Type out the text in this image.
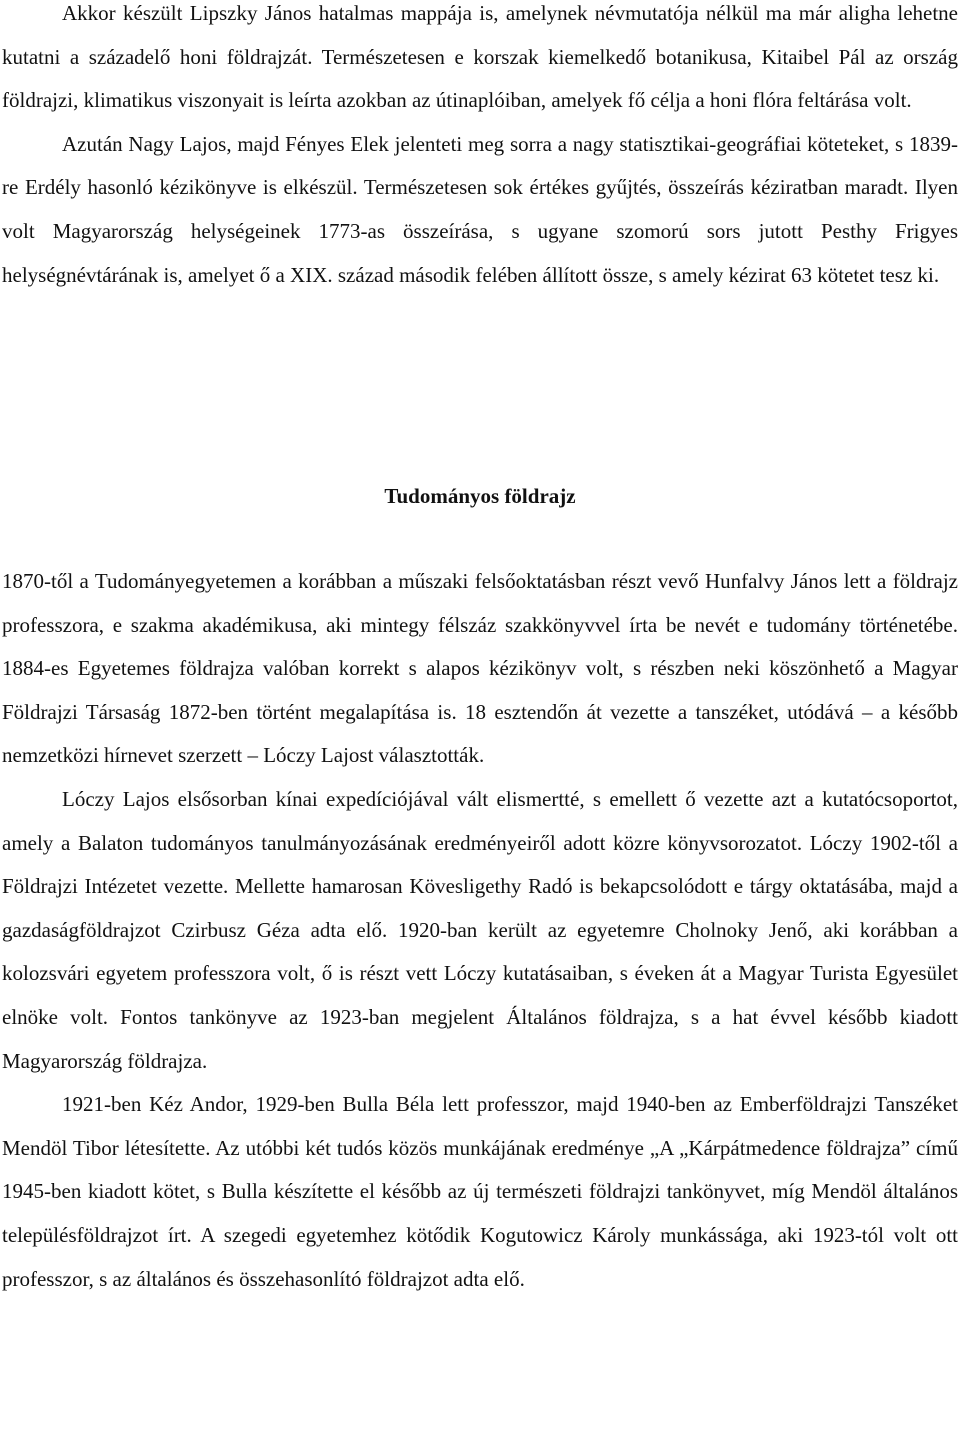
Akkor készült Lipszky János hatalmas mappája is, amelynek névmutatója nélkül ma már aligha lehetne kutatni a századelő honi földrajzát. Természetesen e korszak kiemelkedő botanikusa, Kitaibel Pál az ország földrajzi, klimatikus viszonyait is leírta azokban az útinaplóiban, amelyek fő célja a honi flóra feltárása volt.

Azután Nagy Lajos, majd Fényes Elek jelenteti meg sorra a nagy statisztikai-geográfiai köteteket, s 1839-re Erdély hasonló kézikönyve is elkészül. Természetesen sok értékes gyűjtés, összeírás kéziratban maradt. Ilyen volt Magyarország helységeinek 1773-as összeírása, s ugyane szomorú sors jutott Pesthy Frigyes helységnévtárának is, amelyet ő a XIX. század második felében állított össze, s amely kézirat 63 kötetet tesz ki.

Tudományos földrajz

1870-től a Tudományegyetemen a korábban a műszaki felsőoktatásban részt vevő Hunfalvy János lett a földrajz professzora, e szakma akadémikusa, aki mintegy félszáz szakkönyvvel írta be nevét e tudomány történetébe. 1884-es Egyetemes földrajza valóban korrekt s alapos kézikönyv volt, s részben neki köszönhető a Magyar Földrajzi Társaság 1872-ben történt megalapítása is. 18 esztendőn át vezette a tanszéket, utódává – a később nemzetközi hírnevet szerzett – Lóczy Lajost választották.

Lóczy Lajos elsősorban kínai expedíciójával vált elismertté, s emellett ő vezette azt a kutatócsoportot, amely a Balaton tudományos tanulmányozásának eredményeiről adott közre könyvsorozatot. Lóczy 1902-től a Földrajzi Intézetet vezette. Mellette hamarosan Kövesligethy Radó is bekapcsolódott e tárgy oktatásába, majd a gazdaságföldrajzot Czirbusz Géza adta elő. 1920-ban került az egyetemre Cholnoky Jenő, aki korábban a kolozsvári egyetem professzora volt, ő is részt vett Lóczy kutatásaiban, s éveken át a Magyar Turista Egyesület elnöke volt. Fontos tankönyve az 1923-ban megjelent Általános földrajza, s a hat évvel később kiadott Magyarország földrajza.

1921-ben Kéz Andor, 1929-ben Bulla Béla lett professzor, majd 1940-ben az Emberföldrajzi Tanszéket Mendöl Tibor létesítette. Az utóbbi két tudós közös munkájának eredménye „A „Kárpátmedence földrajza” című 1945-ben kiadott kötet, s Bulla készítette el később az új természeti földrajzi tankönyvet, míg Mendöl általános településföldrajzot írt. A szegedi egyetemhez kötődik Kogutowicz Károly munkássága, aki 1923-tól volt ott professzor, s az általános és összehasonlító földrajzot adta elő.
